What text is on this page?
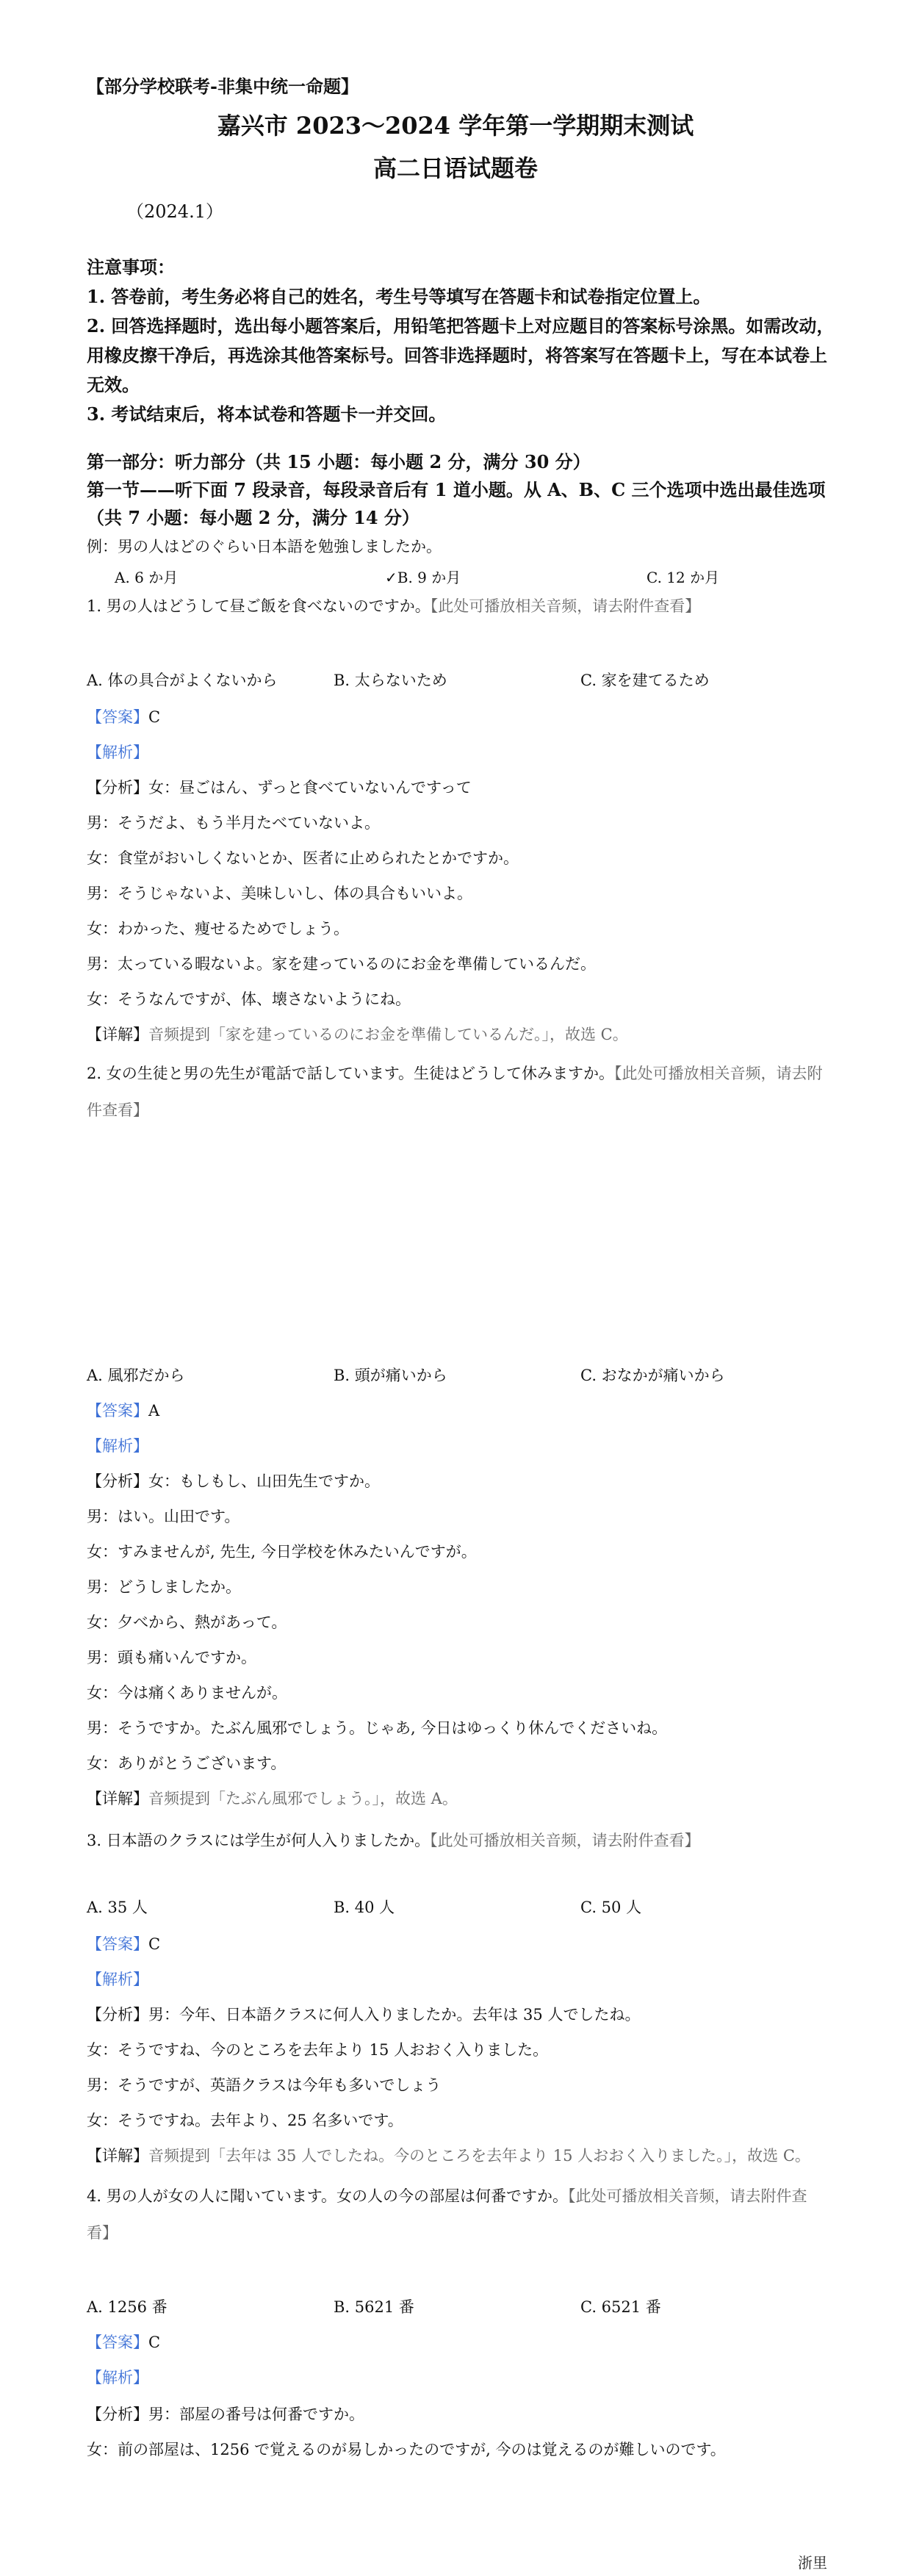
【部分学校联考-非集中统一命题】
嘉兴市 2023～2024 学年第一学期期末测试
高二日语试题卷
（2024.1）

注意事项：

1. 答卷前，考生务必将自己的姓名，考生号等填写在答题卡和试卷指定位置上。

2. 回答选择题时，选出每小题答案后，用铅笔把答题卡上对应题目的答案标号涂黑。如需改动，用橡皮擦干净后，再选涂其他答案标号。回答非选择题时，将答案写在答题卡上，写在本试卷上无效。

3. 考试结束后，将本试卷和答题卡一并交回。

第一部分：听力部分（共 15 小题：每小题 2 分，满分 30 分）

第一节——听下面 7 段录音，每段录音后有 1 道小题。从 A、B、C 三个选项中选出最佳选项（共 7 小题：每小题 2 分，满分 14 分）

例：男の人はどのぐらい日本語を勉強しましたか。
A. 6 か月	✓B. 9 か月	C. 12 か月
1. 男の人はどうして昼ご飯を食べないのですか。【此处可播放相关音频，请去附件查看】
A. 体の具合がよくないから	B. 太らないため	C. 家を建てるため
【答案】C
【解析】
【分析】女：昼ごはん、ずっと食べていないんですって
男：そうだよ、もう半月たべていないよ。
女：食堂がおいしくないとか、医者に止められたとかですか。
男：そうじゃないよ、美味しいし、体の具合もいいよ。
女：わかった、痩せるためでしょう。
男：太っている暇ないよ。家を建っているのにお金を準備しているんだ。
女：そうなんですが、体、壊さないようにね。
【详解】音频提到「家を建っているのにお金を準備しているんだ。」，故选 C。
2. 女の生徒と男の先生が電話で話しています。生徒はどうして休みますか。【此处可播放相关音频，请去附件查看】
A. 風邪だから	B. 頭が痛いから	C. おなかが痛いから
【答案】A
【解析】
【分析】女：もしもし、山田先生ですか。
男：はい。山田です。
女：すみませんが, 先生, 今日学校を休みたいんですが。
男：どうしましたか。
女：夕べから、熱があって。
男：頭も痛いんですか。
女：今は痛くありませんが。
男：そうですか。たぶん風邪でしょう。じゃあ, 今日はゆっくり休んでくださいね。
女：ありがとうございます。
【详解】音频提到「たぶん風邪でしょう。」，故选 A。
3. 日本語のクラスには学生が何人入りましたか。【此处可播放相关音频，请去附件查看】
A. 35 人	B. 40 人	C. 50 人
【答案】C
【解析】
【分析】男：今年、日本語クラスに何人入りましたか。去年は 35 人でしたね。
女：そうですね、今のところを去年より 15 人おおく入りました。
男：そうですが、英語クラスは今年も多いでしょう
女：そうですね。去年より、25 名多いです。
【详解】音频提到「去年は 35 人でしたね。今のところを去年より 15 人おおく入りました。」，故选 C。
4. 男の人が女の人に聞いています。女の人の今の部屋は何番ですか。【此处可播放相关音频，请去附件查看】
A. 1256 番	B. 5621 番	C. 6521 番
【答案】C
【解析】
【分析】男：部屋の番号は何番ですか。
女：前の部屋は、1256 で覚えるのが易しかったのですが, 今のは覚えるのが難しいのです。
浙里
